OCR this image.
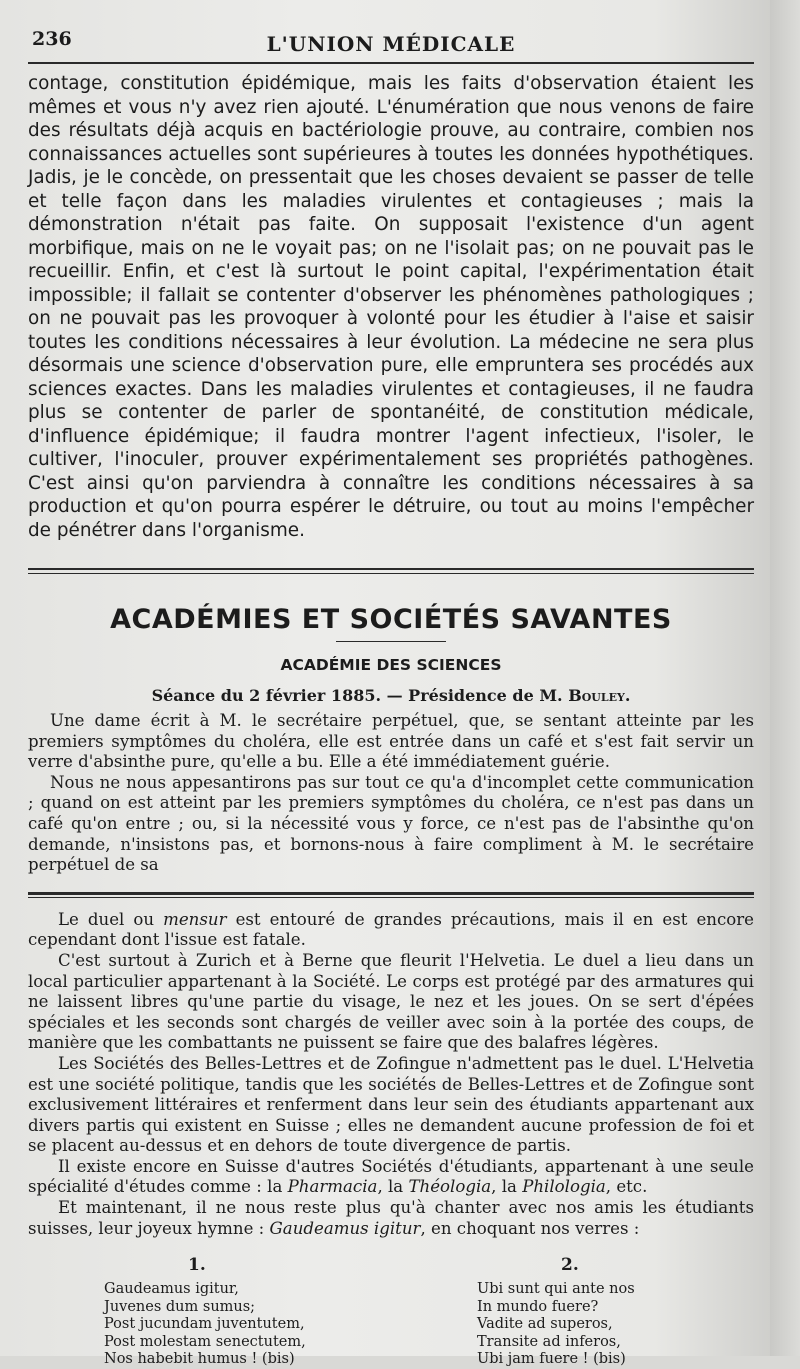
236	L'UNION MÉDICALE

contage, constitution épidémique, mais les faits d'observation étaient les mêmes et vous n'y avez rien ajouté. L'énumération que nous venons de faire des résultats déjà acquis en bactériologie prouve, au contraire, combien nos connaissances actuelles sont supérieures à toutes les données hypothétiques. Jadis, je le concède, on pressentait que les choses devaient se passer de telle et telle façon dans les maladies virulentes et contagieuses ; mais la démonstration n'était pas faite. On supposait l'existence d'un agent morbifique, mais on ne le voyait pas; on ne l'isolait pas; on ne pouvait pas le recueillir. Enfin, et c'est là surtout le point capital, l'expérimentation était impossible; il fallait se contenter d'observer les phénomènes pathologiques ; on ne pouvait pas les provoquer à volonté pour les étudier à l'aise et saisir toutes les conditions nécessaires à leur évolution. La médecine ne sera plus désormais une science d'observation pure, elle empruntera ses procédés aux sciences exactes. Dans les maladies virulentes et contagieuses, il ne faudra plus se contenter de parler de spontanéité, de constitution médicale, d'influence épidémique; il faudra montrer l'agent infectieux, l'isoler, le cultiver, l'inoculer, prouver expérimentalement ses propriétés pathogènes. C'est ainsi qu'on parviendra à connaître les conditions nécessaires à sa production et qu'on pourra espérer le détruire, ou tout au moins l'empêcher de pénétrer dans l'organisme.

ACADÉMIES ET SOCIÉTÉS SAVANTES
ACADÉMIE DES SCIENCES
Séance du 2 février 1885. — Présidence de M. Bouley.

Une dame écrit à M. le secrétaire perpétuel, que, se sentant atteinte par les premiers symptômes du choléra, elle est entrée dans un café et s'est fait servir un verre d'absinthe pure, qu'elle a bu. Elle a été immédiatement guérie.

Nous ne nous appesantirons pas sur tout ce qu'a d'incomplet cette communication ; quand on est atteint par les premiers symptômes du choléra, ce n'est pas dans un café qu'on entre ; ou, si la nécessité vous y force, ce n'est pas de l'absinthe qu'on demande, n'insistons pas, et bornons-nous à faire compliment à M. le secrétaire perpétuel de sa

Le duel ou mensur est entouré de grandes précautions, mais il en est encore cependant dont l'issue est fatale.

C'est surtout à Zurich et à Berne que fleurit l'Helvetia. Le duel a lieu dans un local particulier appartenant à la Société. Le corps est protégé par des armatures qui ne laissent libres qu'une partie du visage, le nez et les joues. On se sert d'épées spéciales et les seconds sont chargés de veiller avec soin à la portée des coups, de manière que les combattants ne puissent se faire que des balafres légères.

Les Sociétés des Belles-Lettres et de Zofingue n'admettent pas le duel. L'Helvetia est une société politique, tandis que les sociétés de Belles-Lettres et de Zofingue sont exclusivement littéraires et renferment dans leur sein des étudiants appartenant aux divers partis qui existent en Suisse ; elles ne demandent aucune profession de foi et se placent au-dessus et en dehors de toute divergence de partis.

Il existe encore en Suisse d'autres Sociétés d'étudiants, appartenant à une seule spécialité d'études comme : la Pharmacia, la Théologia, la Philologia, etc.

Et maintenant, il ne nous reste plus qu'à chanter avec nos amis les étudiants suisses, leur joyeux hymne : Gaudeamus igitur, en choquant nos verres :

1.
Gaudeamus igitur,
Juvenes dum sumus;
Post jucundam juventutem,
Post molestam senectutem,
Nos habebit humus ! (bis)
2.
Ubi sunt qui ante nos
In mundo fuere?
Vadite ad superos,
Transite ad inferos,
Ubi jam fuere ! (bis)
